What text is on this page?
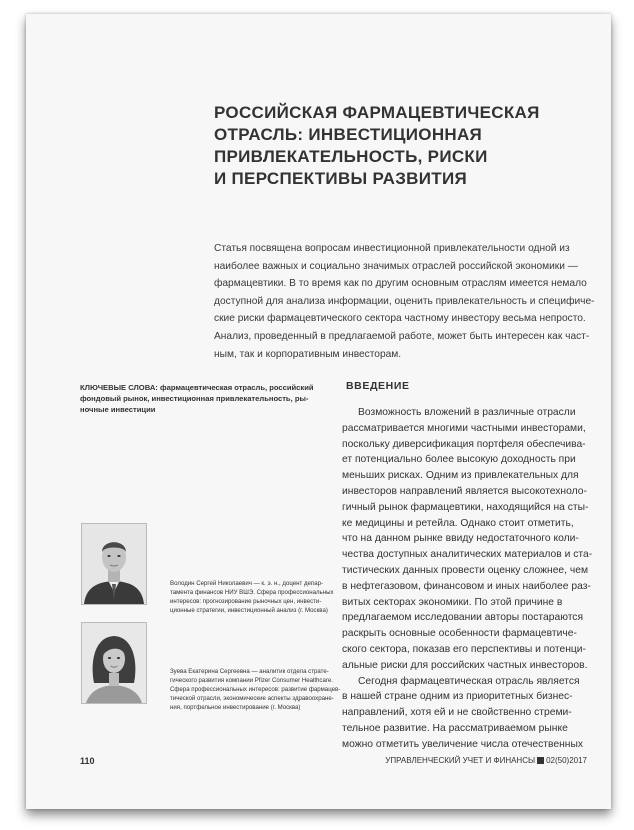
РОССИЙСКАЯ ФАРМАЦЕВТИЧЕСКАЯ
ОТРАСЛЬ: ИНВЕСТИЦИОННАЯ
ПРИВЛЕКАТЕЛЬНОСТЬ, РИСКИ
И ПЕРСПЕКТИВЫ РАЗВИТИЯ
Статья посвящена вопросам инвестиционной привлекательности одной из
наиболее важных и социально значимых отраслей российской экономики —
фармацевтики. В то время как по другим основным отраслям имеется немало
доступной для анализа информации, оценить привлекательность и специфиче-
ские риски фармацевтического сектора частному инвестору весьма непросто.
Анализ, проведенный в предлагаемой работе, может быть интересен как част-
ным, так и корпоративным инвесторам.
КЛЮЧЕВЫЕ СЛОВА: фармацевтическая отрасль, российский
фондовый рынок, инвестиционная привлекательность, ры-
ночные инвестиции
ВВЕДЕНИЕ
Возможность вложений в различные отрасли
рассматривается многими частными инвесторами,
поскольку диверсификация портфеля обеспечива-
ет потенциально более высокую доходность при
меньших рисках. Одним из привлекательных для
инвесторов направлений является высокотехноло-
гичный рынок фармацевтики, находящийся на сты-
ке медицины и ретейла. Однако стоит отметить,
что на данном рынке ввиду недостаточного коли-
чества доступных аналитических материалов и ста-
тистических данных провести оценку сложнее, чем
в нефтегазовом, финансовом и иных наиболее раз-
витых секторах экономики. По этой причине в
предлагаемом исследовании авторы постараются
раскрыть основные особенности фармацевтиче-
ского сектора, показав его перспективы и потенци-
альные риски для российских частных инвесторов.
Сегодня фармацевтическая отрасль является
в нашей стране одним из приоритетных бизнес-
направлений, хотя ей и не свойственно стреми-
тельное развитие. На рассматриваемом рынке
можно отметить увеличение числа отечественных
Володин Сергей Николаевич — к. э. н., доцент депар-
тамента финансов НИУ ВШЭ. Сфера профессиональных
интересов: прогнозирование рыночных цен, инвести-
ционные стратегии, инвестиционный анализ (г. Москва)
Зуева Екатерина Сергеевна — аналитик отдела страте-
гического развития компании Pfizer Consumer Healthcare.
Сфера профессиональных интересов: развитие фармацев-
тической отрасли, экономические аспекты здравоохране-
ния, портфельное инвестирование (г. Москва)
110	УПРАВЛЕНЧЕСКИЙ УЧЕТ И ФИНАНСЫ 02(50)2017
